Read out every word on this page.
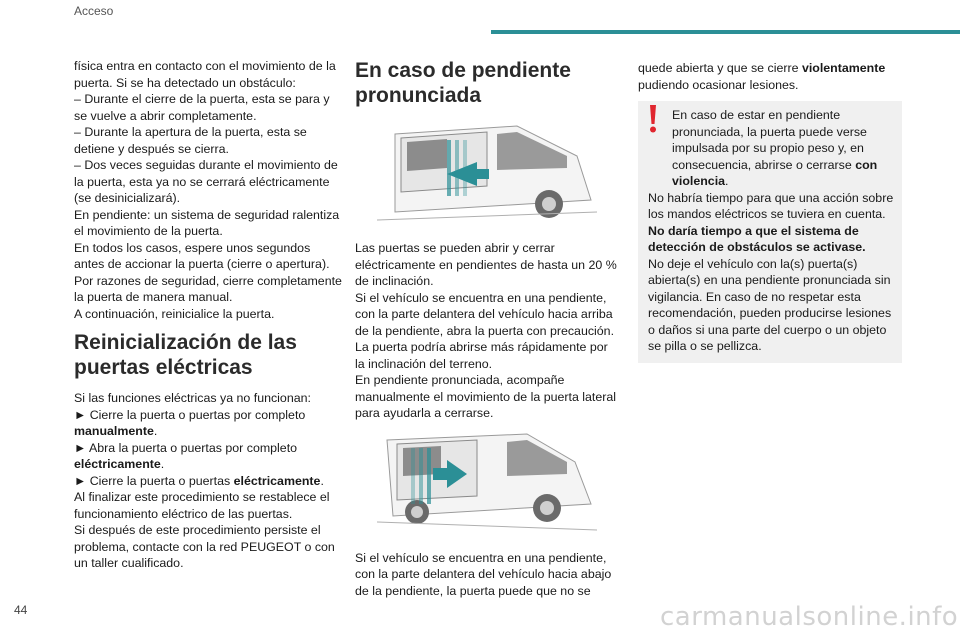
Acceso

física entra en contacto con el movimiento de la puerta. Si se ha detectado un obstáculo:

– Durante el cierre de la puerta, esta se para y se vuelve a abrir completamente.

– Durante la apertura de la puerta, esta se detiene y después se cierra.

– Dos veces seguidas durante el movimiento de la puerta, esta ya no se cerrará eléctricamente (se desinicializará).

En pendiente: un sistema de seguridad ralentiza el movimiento de la puerta.

En todos los casos, espere unos segundos antes de accionar la puerta (cierre o apertura).

Por razones de seguridad, cierre completamente la puerta de manera manual.

A continuación, reinicialice la puerta.

Reinicialización de las puertas eléctricas

Si las funciones eléctricas ya no funcionan:

► Cierre la puerta o puertas por completo manualmente.

► Abra la puerta o puertas por completo eléctricamente.

► Cierre la puerta o puertas eléctricamente.

Al finalizar este procedimiento se restablece el funcionamiento eléctrico de las puertas.

Si después de este procedimiento persiste el problema, contacte con la red PEUGEOT o con un taller cualificado.

En caso de pendiente pronunciada

Las puertas se pueden abrir y cerrar eléctricamente en pendientes de hasta un 20 % de inclinación.

Si el vehículo se encuentra en una pendiente, con la parte delantera del vehículo hacia arriba de la pendiente, abra la puerta con precaución.

La puerta podría abrirse más rápidamente por la inclinación del terreno.

En pendiente pronunciada, acompañe manualmente el movimiento de la puerta lateral para ayudarla a cerrarse.

Si el vehículo se encuentra en una pendiente, con la parte delantera del vehículo hacia abajo de la pendiente, la puerta puede que no se

quede abierta y que se cierre violentamente pudiendo ocasionar lesiones.

En caso de estar en pendiente pronunciada, la puerta puede verse impulsada por su propio peso y, en consecuencia, abrirse o cerrarse con violencia.

No habría tiempo para que una acción sobre los mandos eléctricos se tuviera en cuenta.

No daría tiempo a que el sistema de detección de obstáculos se activase.

No deje el vehículo con la(s) puerta(s) abierta(s) en una pendiente pronunciada sin vigilancia. En caso de no respetar esta recomendación, pueden producirse lesiones o daños si una parte del cuerpo o un objeto se pilla o se pellizca.

44	carmanualsonline.info
